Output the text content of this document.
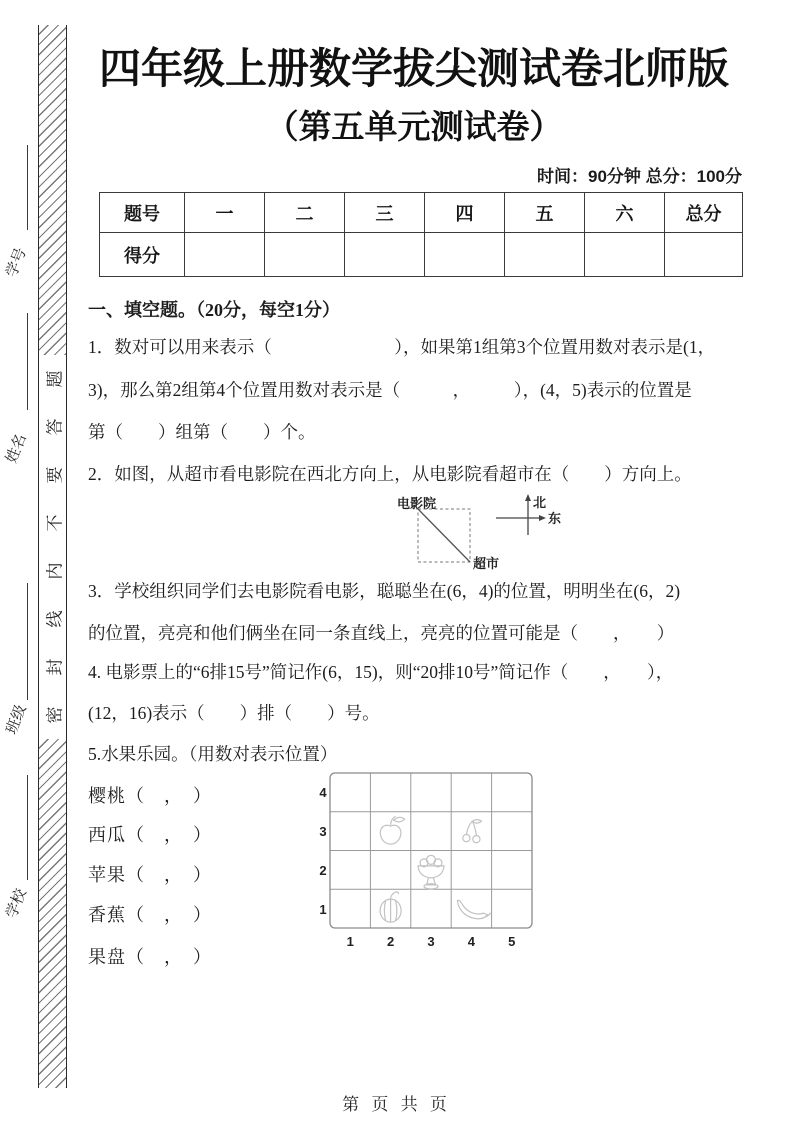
学号
姓名
班级
学校
题
答
要
不
内
线
封
密
四年级上册数学拔尖测试卷北师版
（第五单元测试卷）
时间：90分钟 总分：100分
题号	一	二	三	四	五	六	总分
得分							
一、填空题。（20分，每空1分）
1．数对可以用来表示（　　　　　　　），如果第1组第3个位置用数对表示是(1，
3)，那么第2组第4个位置用数对表示是（　　　，　　　），(4，5)表示的位置是
第（　　）组第（　　）个。
2．如图，从超市看电影院在西北方向上，从电影院看超市在（　　）方向上。
电影院
超市
北
东
3．学校组织同学们去电影院看电影，聪聪坐在(6，4)的位置，明明坐在(6，2)
的位置，亮亮和他们俩坐在同一条直线上，亮亮的位置可能是（　　，　　）
4. 电影票上的“6排15号”简记作(6，15)，则“20排10号”简记作（　　，　　），
(12，16)表示（　　）排（　　）号。
5.水果乐园。（用数对表示位置）
樱桃（　，　）
西瓜（　，　）
苹果（　，　）
香蕉（　，　）
果盘（　，　）
4
3
2
1
1	2	3	4	5
第 页 共 页
